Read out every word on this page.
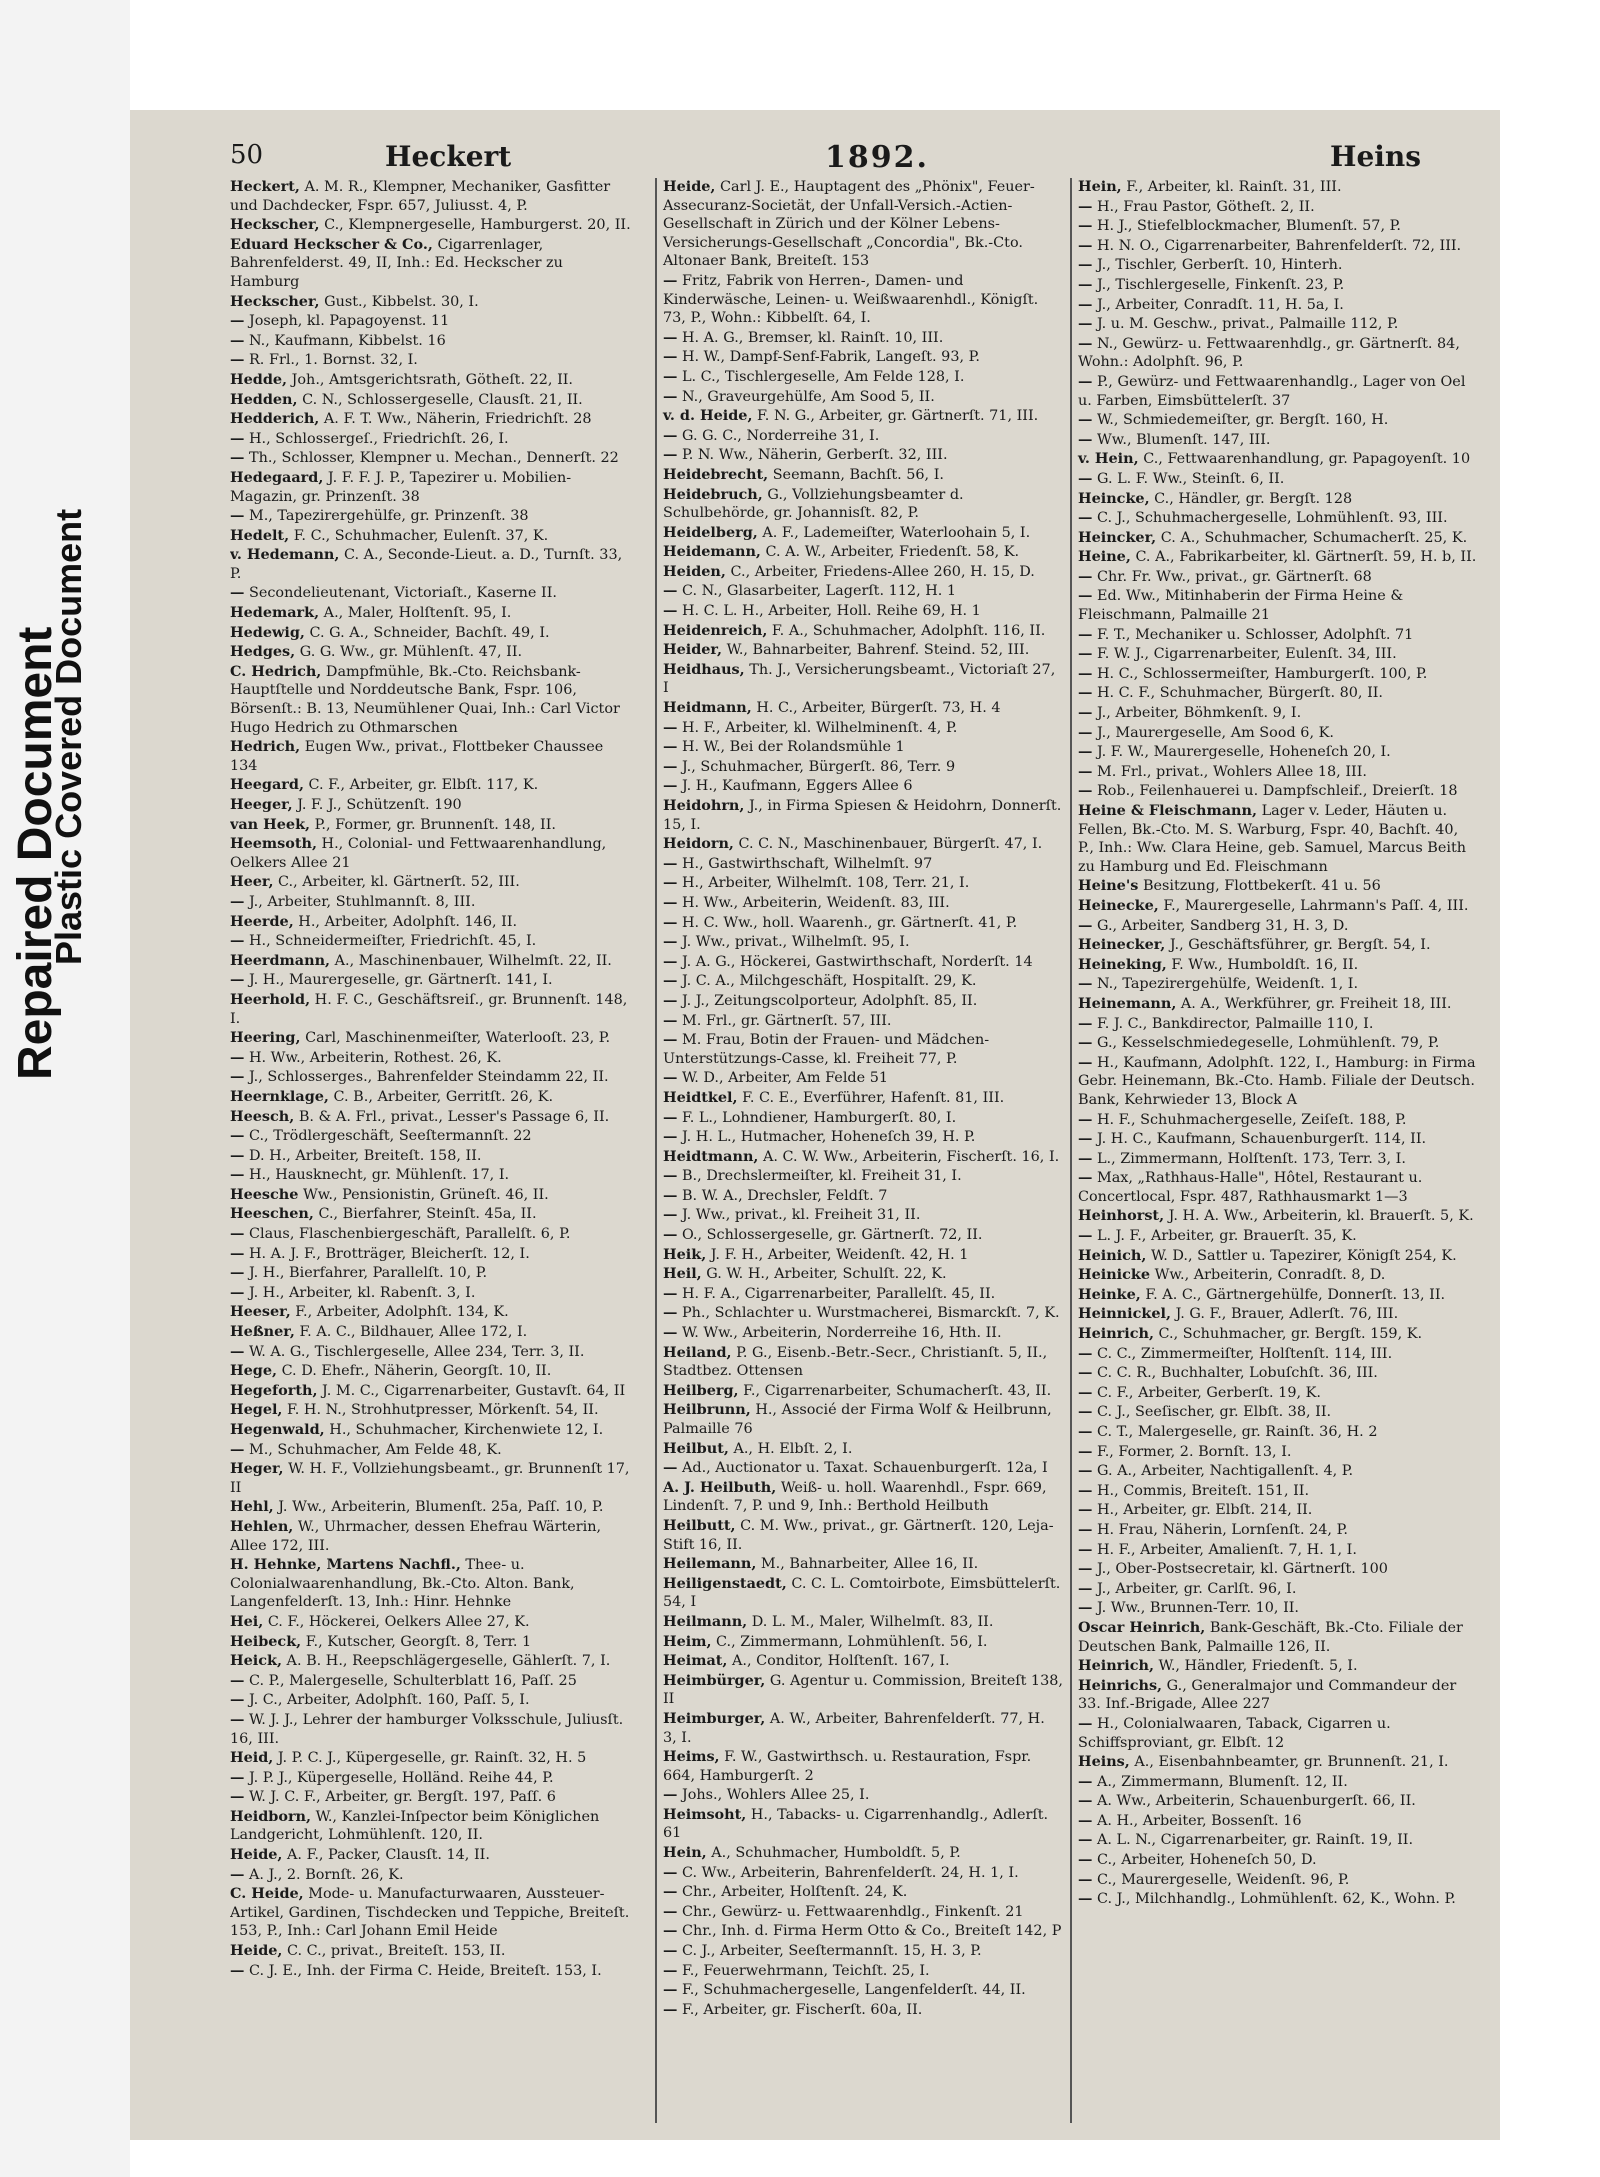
Repaired Document
Plastic Covered Document
50	Heckert	1892.	Heins
Heckert, A. M. R., Klempner, Mechaniker, Gasfitter und Dachdecker, Fspr. 657, Juliusst. 4, P.
Heckscher, C., Klempnergeselle, Hamburgerst. 20, II.
Eduard Heckscher & Co., Cigarrenlager, Bahrenfelderst. 49, II, Inh.: Ed. Heckscher zu Hamburg
Heckscher, Gust., Kibbelst. 30, I.
— Joseph, kl. Papagoyenst. 11
— N., Kaufmann, Kibbelst. 16
— R. Frl., 1. Bornst. 32, I.
Hedde, Joh., Amtsgerichtsrath, Götheſt. 22, II.
Hedden, C. N., Schlossergeselle, Clausſt. 21, II.
Hedderich, A. F. T. Ww., Näherin, Friedrichſt. 28
— H., Schlossergeſ., Friedrichſt. 26, I.
— Th., Schlosser, Klempner u. Mechan., Dennerſt. 22
Hedegaard, J. F. F. J. P., Tapezirer u. Mobilien-Magazin, gr. Prinzenſt. 38
— M., Tapezirergehülfe, gr. Prinzenſt. 38
Hedelt, F. C., Schuhmacher, Eulenſt. 37, K.
v. Hedemann, C. A., Seconde-Lieut. a. D., Turnſt. 33, P.
— Secondelieutenant, Victoriaſt., Kaserne II.
Hedemark, A., Maler, Holſtenſt. 95, I.
Hedewig, C. G. A., Schneider, Bachſt. 49, I.
Hedges, G. G. Ww., gr. Mühlenſt. 47, II.
C. Hedrich, Dampfmühle, Bk.-Cto. Reichsbank-Hauptſtelle und Norddeutsche Bank, Fspr. 106, Börsenſt.: B. 13, Neumühlener Quai, Inh.: Carl Victor Hugo Hedrich zu Othmarschen
Hedrich, Eugen Ww., privat., Flottbeker Chaussee 134
Heegard, C. F., Arbeiter, gr. Elbſt. 117, K.
Heeger, J. F. J., Schützenſt. 190
van Heek, P., Former, gr. Brunnenſt. 148, II.
Heemsoth, H., Colonial- und Fettwaarenhandlung, Oelkers Allee 21
Heer, C., Arbeiter, kl. Gärtnerſt. 52, III.
— J., Arbeiter, Stuhlmannſt. 8, III.
Heerde, H., Arbeiter, Adolphſt. 146, II.
— H., Schneidermeiſter, Friedrichſt. 45, I.
Heerdmann, A., Maschinenbauer, Wilhelmſt. 22, II.
— J. H., Maurergeselle, gr. Gärtnerſt. 141, I.
Heerhold, H. F. C., Geschäftsreiſ., gr. Brunnenſt. 148, I.
Heering, Carl, Maschinenmeiſter, Waterlooſt. 23, P.
— H. Ww., Arbeiterin, Rothest. 26, K.
— J., Schlosserges., Bahrenfelder Steindamm 22, II.
Heernklage, C. B., Arbeiter, Gerritſt. 26, K.
Heesch, B. & A. Frl., privat., Lesser's Passage 6, II.
— C., Trödlergeschäft, Seeſtermannſt. 22
— D. H., Arbeiter, Breiteſt. 158, II.
— H., Hausknecht, gr. Mühlenſt. 17, I.
Heesche Ww., Pensionistin, Grüneſt. 46, II.
Heeschen, C., Bierfahrer, Steinſt. 45a, II.
— Claus, Flaschenbiergeschäft, Parallelſt. 6, P.
— H. A. J. F., Brotträger, Bleicherſt. 12, I.
— J. H., Bierfahrer, Parallelſt. 10, P.
— J. H., Arbeiter, kl. Rabenſt. 3, I.
Heeser, F., Arbeiter, Adolphſt. 134, K.
Heßner, F. A. C., Bildhauer, Allee 172, I.
— W. A. G., Tischlergeselle, Allee 234, Terr. 3, II.
Hege, C. D. Ehefr., Näherin, Georgſt. 10, II.
Hegeforth, J. M. C., Cigarrenarbeiter, Gustavſt. 64, II
Hegel, F. H. N., Strohhutpresser, Mörkenſt. 54, II.
Hegenwald, H., Schuhmacher, Kirchenwiete 12, I.
— M., Schuhmacher, Am Felde 48, K.
Heger, W. H. F., Vollziehungsbeamt., gr. Brunnenſt 17, II
Hehl, J. Ww., Arbeiterin, Blumenſt. 25a, Paſſ. 10, P.
Hehlen, W., Uhrmacher, dessen Ehefrau Wärterin, Allee 172, III.
H. Hehnke, Martens Nachfl., Thee- u. Colonialwaarenhandlung, Bk.-Cto. Alton. Bank, Langenfelderſt. 13, Inh.: Hinr. Hehnke
Hei, C. F., Höckerei, Oelkers Allee 27, K.
Heibeck, F., Kutscher, Georgſt. 8, Terr. 1
Heick, A. B. H., Reepschlägergeselle, Gählerſt. 7, I.
— C. P., Malergeselle, Schulterblatt 16, Paſſ. 25
— J. C., Arbeiter, Adolphſt. 160, Paſſ. 5, I.
— W. J. J., Lehrer der hamburger Volksschule, Juliusſt. 16, III.
Heid, J. P. C. J., Küpergeselle, gr. Rainſt. 32, H. 5
— J. P. J., Küpergeselle, Holländ. Reihe 44, P.
— W. J. C. F., Arbeiter, gr. Bergſt. 197, Paſſ. 6
Heidborn, W., Kanzlei-Inſpector beim Königlichen Landgericht, Lohmühlenſt. 120, II.
Heide, A. F., Packer, Clausſt. 14, II.
— A. J., 2. Bornſt. 26, K.
C. Heide, Mode- u. Manufacturwaaren, Aussteuer-Artikel, Gardinen, Tischdecken und Teppiche, Breiteſt. 153, P., Inh.: Carl Johann Emil Heide
Heide, C. C., privat., Breiteſt. 153, II.
— C. J. E., Inh. der Firma C. Heide, Breiteſt. 153, I.
Heide, Carl J. E., Hauptagent des „Phönix", Feuer-Assecuranz-Societät, der Unfall-Versich.-Actien-Gesellschaft in Zürich und der Kölner Lebens-Versicherungs-Gesellschaft „Concordia", Bk.-Cto. Altonaer Bank, Breiteſt. 153
— Fritz, Fabrik von Herren-, Damen- und Kinderwäsche, Leinen- u. Weißwaarenhdl., Königſt. 73, P., Wohn.: Kibbelſt. 64, I.
— H. A. G., Bremser, kl. Rainſt. 10, III.
— H. W., Dampf-Senf-Fabrik, Langeſt. 93, P.
— L. C., Tischlergeselle, Am Felde 128, I.
— N., Graveurgehülfe, Am Sood 5, II.
v. d. Heide, F. N. G., Arbeiter, gr. Gärtnerſt. 71, III.
— G. G. C., Norderreihe 31, I.
— P. N. Ww., Näherin, Gerberſt. 32, III.
Heidebrecht, Seemann, Bachſt. 56, I.
Heidebruch, G., Vollziehungsbeamter d. Schulbehörde, gr. Johannisſt. 82, P.
Heidelberg, A. F., Lademeiſter, Waterloohain 5, I.
Heidemann, C. A. W., Arbeiter, Friedenſt. 58, K.
Heiden, C., Arbeiter, Friedens-Allee 260, H. 15, D.
— C. N., Glasarbeiter, Lagerſt. 112, H. 1
— H. C. L. H., Arbeiter, Holl. Reihe 69, H. 1
Heidenreich, F. A., Schuhmacher, Adolphſt. 116, II.
Heider, W., Bahnarbeiter, Bahrenf. Steind. 52, III.
Heidhaus, Th. J., Versicherungsbeamt., Victoriaſt 27, I
Heidmann, H. C., Arbeiter, Bürgerſt. 73, H. 4
— H. F., Arbeiter, kl. Wilhelminenſt. 4, P.
— H. W., Bei der Rolandsmühle 1
— J., Schuhmacher, Bürgerſt. 86, Terr. 9
— J. H., Kaufmann, Eggers Allee 6
Heidohrn, J., in Firma Spiesen & Heidohrn, Donnerſt. 15, I.
Heidorn, C. C. N., Maschinenbauer, Bürgerſt. 47, I.
— H., Gastwirthschaft, Wilhelmſt. 97
— H., Arbeiter, Wilhelmſt. 108, Terr. 21, I.
— H. Ww., Arbeiterin, Weidenſt. 83, III.
— H. C. Ww., holl. Waarenh., gr. Gärtnerſt. 41, P.
— J. Ww., privat., Wilhelmſt. 95, I.
— J. A. G., Höckerei, Gastwirthschaft, Norderſt. 14
— J. C. A., Milchgeschäft, Hospitalſt. 29, K.
— J. J., Zeitungscolporteur, Adolphſt. 85, II.
— M. Frl., gr. Gärtnerſt. 57, III.
— M. Frau, Botin der Frauen- und Mädchen-Unterstützungs-Casse, kl. Freiheit 77, P.
— W. D., Arbeiter, Am Felde 51
Heidtkel, F. C. E., Everführer, Hafenſt. 81, III.
— F. L., Lohndiener, Hamburgerſt. 80, I.
— J. H. L., Hutmacher, Hoheneſch 39, H. P.
Heidtmann, A. C. W. Ww., Arbeiterin, Fischerſt. 16, I.
— B., Drechslermeiſter, kl. Freiheit 31, I.
— B. W. A., Drechsler, Feldſt. 7
— J. Ww., privat., kl. Freiheit 31, II.
— O., Schlossergeselle, gr. Gärtnerſt. 72, II.
Heik, J. F. H., Arbeiter, Weidenſt. 42, H. 1
Heil, G. W. H., Arbeiter, Schulſt. 22, K.
— H. F. A., Cigarrenarbeiter, Parallelſt. 45, II.
— Ph., Schlachter u. Wurstmacherei, Bismarckſt. 7, K.
— W. Ww., Arbeiterin, Norderreihe 16, Hth. II.
Heiland, P. G., Eisenb.-Betr.-Secr., Christianſt. 5, II., Stadtbez. Ottensen
Heilberg, F., Cigarrenarbeiter, Schumacherſt. 43, II.
Heilbrunn, H., Associé der Firma Wolf & Heilbrunn, Palmaille 76
Heilbut, A., H. Elbſt. 2, I.
— Ad., Auctionator u. Taxat. Schauenburgerſt. 12a, I
A. J. Heilbuth, Weiß- u. holl. Waarenhdl., Fspr. 669, Lindenſt. 7, P. und 9, Inh.: Berthold Heilbuth
Heilbutt, C. M. Ww., privat., gr. Gärtnerſt. 120, Leja-Stift 16, II.
Heilemann, M., Bahnarbeiter, Allee 16, II.
Heiligenstaedt, C. C. L. Comtoirbote, Eimsbüttelerſt. 54, I
Heilmann, D. L. M., Maler, Wilhelmſt. 83, II.
Heim, C., Zimmermann, Lohmühlenſt. 56, I.
Heimat, A., Conditor, Holſtenſt. 167, I.
Heimbürger, G. Agentur u. Commission, Breiteſt 138, II
Heimburger, A. W., Arbeiter, Bahrenfelderſt. 77, H. 3, I.
Heims, F. W., Gastwirthsch. u. Restauration, Fspr. 664, Hamburgerſt. 2
— Johs., Wohlers Allee 25, I.
Heimsoht, H., Tabacks- u. Cigarrenhandlg., Adlerſt. 61
Hein, A., Schuhmacher, Humboldſt. 5, P.
— C. Ww., Arbeiterin, Bahrenfelderſt. 24, H. 1, I.
— Chr., Arbeiter, Holſtenſt. 24, K.
— Chr., Gewürz- u. Fettwaarenhdlg., Finkenſt. 21
— Chr., Inh. d. Firma Herm Otto & Co., Breiteſt 142, P
— C. J., Arbeiter, Seeſtermannſt. 15, H. 3, P.
— F., Feuerwehrmann, Teichſt. 25, I.
— F., Schuhmachergeselle, Langenfelderſt. 44, II.
— F., Arbeiter, gr. Fischerſt. 60a, II.
Hein, F., Arbeiter, kl. Rainſt. 31, III.
— H., Frau Pastor, Götheſt. 2, II.
— H. J., Stiefelblockmacher, Blumenſt. 57, P.
— H. N. O., Cigarrenarbeiter, Bahrenfelderſt. 72, III.
— J., Tischler, Gerberſt. 10, Hinterh.
— J., Tischlergeselle, Finkenſt. 23, P.
— J., Arbeiter, Conradſt. 11, H. 5a, I.
— J. u. M. Geschw., privat., Palmaille 112, P.
— N., Gewürz- u. Fettwaarenhdlg., gr. Gärtnerſt. 84, Wohn.: Adolphſt. 96, P.
— P., Gewürz- und Fettwaarenhandlg., Lager von Oel u. Farben, Eimsbüttelerſt. 37
— W., Schmiedemeiſter, gr. Bergſt. 160, H.
— Ww., Blumenſt. 147, III.
v. Hein, C., Fettwaarenhandlung, gr. Papagoyenſt. 10
— G. L. F. Ww., Steinſt. 6, II.
Heincke, C., Händler, gr. Bergſt. 128
— C. J., Schuhmachergeselle, Lohmühlenſt. 93, III.
Heincker, C. A., Schuhmacher, Schumacherſt. 25, K.
Heine, C. A., Fabrikarbeiter, kl. Gärtnerſt. 59, H. b, II.
— Chr. Fr. Ww., privat., gr. Gärtnerſt. 68
— Ed. Ww., Mitinhaberin der Firma Heine & Fleischmann, Palmaille 21
— F. T., Mechaniker u. Schlosser, Adolphſt. 71
— F. W. J., Cigarrenarbeiter, Eulenſt. 34, III.
— H. C., Schlossermeiſter, Hamburgerſt. 100, P.
— H. C. F., Schuhmacher, Bürgerſt. 80, II.
— J., Arbeiter, Böhmkenſt. 9, I.
— J., Maurergeselle, Am Sood 6, K.
— J. F. W., Maurergeselle, Hoheneſch 20, I.
— M. Frl., privat., Wohlers Allee 18, III.
— Rob., Feilenhauerei u. Dampfschleif., Dreierſt. 18
Heine & Fleischmann, Lager v. Leder, Häuten u. Fellen, Bk.-Cto. M. S. Warburg, Fspr. 40, Bachſt. 40, P., Inh.: Ww. Clara Heine, geb. Samuel, Marcus Beith zu Hamburg und Ed. Fleischmann
Heine's Besitzung, Flottbekerſt. 41 u. 56
Heinecke, F., Maurergeselle, Lahrmann's Paſſ. 4, III.
— G., Arbeiter, Sandberg 31, H. 3, D.
Heinecker, J., Geschäftsführer, gr. Bergſt. 54, I.
Heineking, F. Ww., Humboldſt. 16, II.
— N., Tapezirergehülfe, Weidenſt. 1, I.
Heinemann, A. A., Werkführer, gr. Freiheit 18, III.
— F. J. C., Bankdirector, Palmaille 110, I.
— G., Kesselschmiedegeselle, Lohmühlenſt. 79, P.
— H., Kaufmann, Adolphſt. 122, I., Hamburg: in Firma Gebr. Heinemann, Bk.-Cto. Hamb. Filiale der Deutsch. Bank, Kehrwieder 13, Block A
— H. F., Schuhmachergeselle, Zeiſeſt. 188, P.
— J. H. C., Kaufmann, Schauenburgerſt. 114, II.
— L., Zimmermann, Holſtenſt. 173, Terr. 3, I.
— Max, „Rathhaus-Halle", Hôtel, Restaurant u. Concertlocal, Fspr. 487, Rathhausmarkt 1—3
Heinhorst, J. H. A. Ww., Arbeiterin, kl. Brauerſt. 5, K.
— L. J. F., Arbeiter, gr. Brauerſt. 35, K.
Heinich, W. D., Sattler u. Tapezirer, Königſt 254, K.
Heinicke Ww., Arbeiterin, Conradſt. 8, D.
Heinke, F. A. C., Gärtnergehülfe, Donnerſt. 13, II.
Heinnickel, J. G. F., Brauer, Adlerſt. 76, III.
Heinrich, C., Schuhmacher, gr. Bergſt. 159, K.
— C. C., Zimmermeiſter, Holſtenſt. 114, III.
— C. C. R., Buchhalter, Lobuſchſt. 36, III.
— C. F., Arbeiter, Gerberſt. 19, K.
— C. J., Seeſischer, gr. Elbſt. 38, II.
— C. T., Malergeselle, gr. Rainſt. 36, H. 2
— F., Former, 2. Bornſt. 13, I.
— G. A., Arbeiter, Nachtigallenſt. 4, P.
— H., Commis, Breiteſt. 151, II.
— H., Arbeiter, gr. Elbſt. 214, II.
— H. Frau, Näherin, Lornſenſt. 24, P.
— H. F., Arbeiter, Amalienſt. 7, H. 1, I.
— J., Ober-Postsecretair, kl. Gärtnerſt. 100
— J., Arbeiter, gr. Carlſt. 96, I.
— J. Ww., Brunnen-Terr. 10, II.
Oscar Heinrich, Bank-Geschäft, Bk.-Cto. Filiale der Deutschen Bank, Palmaille 126, II.
Heinrich, W., Händler, Friedenſt. 5, I.
Heinrichs, G., Generalmajor und Commandeur der 33. Inf.-Brigade, Allee 227
— H., Colonialwaaren, Taback, Cigarren u. Schiffsproviant, gr. Elbſt. 12
Heins, A., Eisenbahnbeamter, gr. Brunnenſt. 21, I.
— A., Zimmermann, Blumenſt. 12, II.
— A. Ww., Arbeiterin, Schauenburgerſt. 66, II.
— A. H., Arbeiter, Bossenſt. 16
— A. L. N., Cigarrenarbeiter, gr. Rainſt. 19, II.
— C., Arbeiter, Hoheneſch 50, D.
— C., Maurergeselle, Weidenſt. 96, P.
— C. J., Milchhandlg., Lohmühlenſt. 62, K., Wohn. P.
